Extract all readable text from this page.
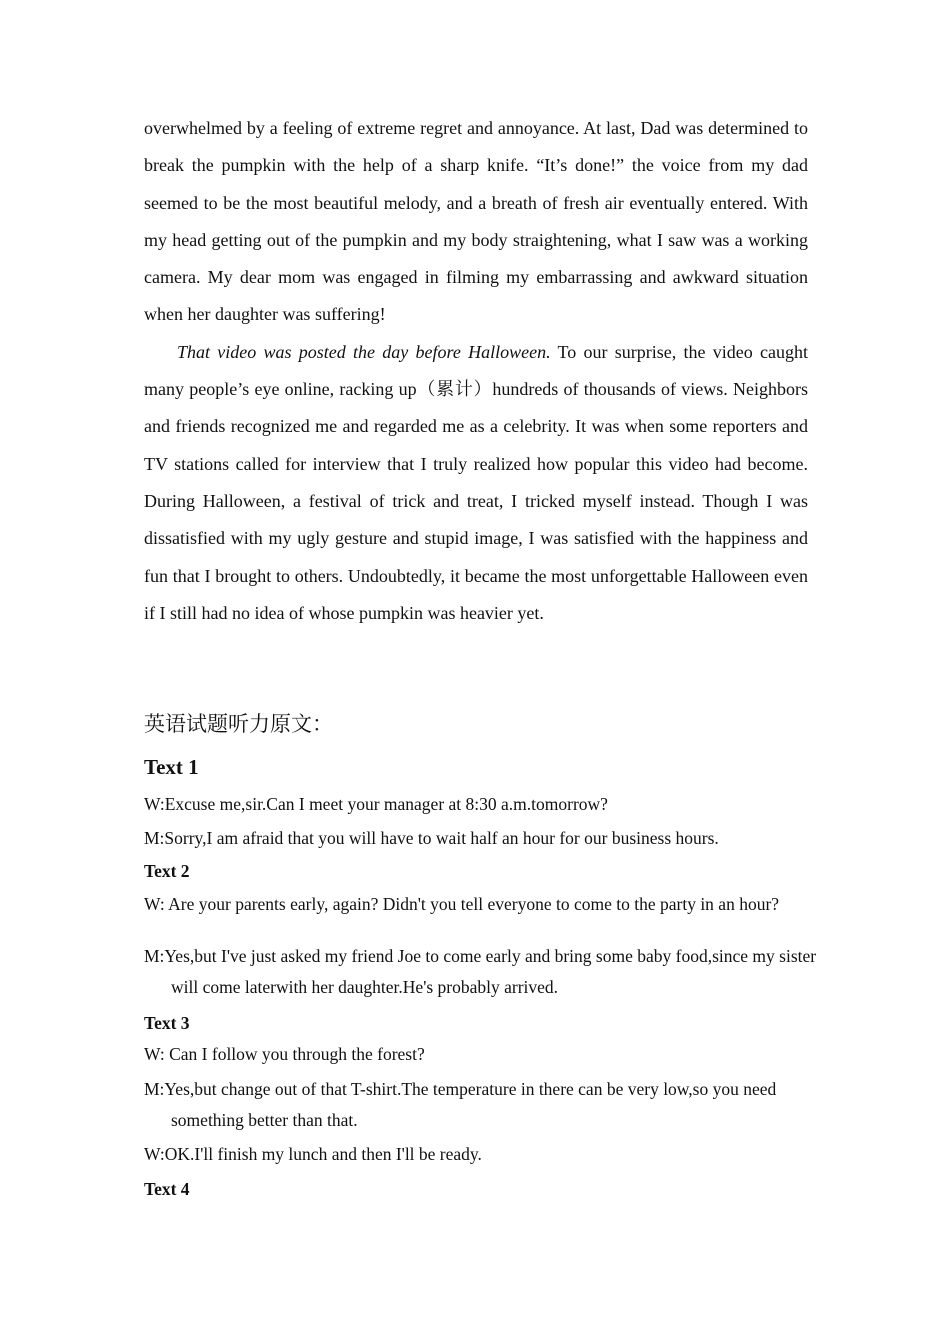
overwhelmed by a feeling of extreme regret and annoyance. At last, Dad was determined to break the pumpkin with the help of a sharp knife. “It’s done!” the voice from my dad seemed to be the most beautiful melody, and a breath of fresh air eventually entered. With my head getting out of the pumpkin and my body straightening, what I saw was a working camera. My dear mom was engaged in filming my embarrassing and awkward situation when her daughter was suffering!

That video was posted the day before Halloween. To our surprise, the video caught many people’s eye online, racking up（累计）hundreds of thousands of views. Neighbors and friends recognized me and regarded me as a celebrity. It was when some reporters and TV stations called for interview that I truly realized how popular this video had become. During Halloween, a festival of trick and treat, I tricked myself instead. Though I was dissatisfied with my ugly gesture and stupid image, I was satisfied with the happiness and fun that I brought to others. Undoubtedly, it became the most unforgettable Halloween even if I still had no idea of whose pumpkin was heavier yet.

英语试题听力原文：
Text 1
W:Excuse me,sir.Can I meet your manager at 8:30 a.m.tomorrow?
M:Sorry,I am afraid that you will have to wait half an hour for our business hours.
Text 2
W: Are your parents early, again? Didn't you tell everyone to come to the party in an hour?
M:Yes,but I've just asked my friend Joe to come early and bring some baby food,since my sister will come laterwith her daughter.He's probably arrived.
Text 3
W: Can I follow you through the forest?
M:Yes,but change out of that T-shirt.The temperature in there can be very low,so you need something better than that.
W:OK.I'll finish my lunch and then I'll be ready.
Text 4
